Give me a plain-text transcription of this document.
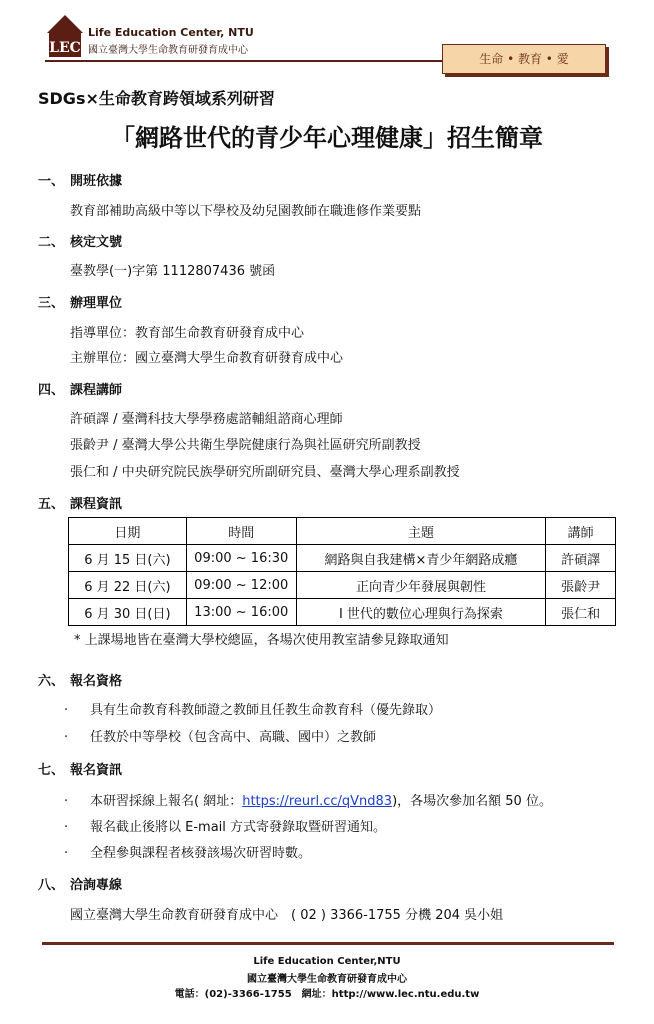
LEC
Life Education Center, NTU
國立臺灣大學生命教育研發育成中心
生命 • 教育 • 愛
SDGs×生命教育跨領域系列研習
「網路世代的青少年心理健康」招生簡章
一、 開班依據
教育部補助高級中等以下學校及幼兒園教師在職進修作業要點
二、 核定文號
臺教學(一)字第 1112807436 號函
三、 辦理單位
指導單位：教育部生命教育研發育成中心
主辦單位：國立臺灣大學生命教育研發育成中心
四、 課程講師
許碩譯 / 臺灣科技大學學務處諮輔組諮商心理師
張齡尹 / 臺灣大學公共衛生學院健康行為與社區研究所副教授
張仁和 / 中央研究院民族學研究所副研究員、臺灣大學心理系副教授
五、 課程資訊
日期	時間	主題	講師
6 月 15 日(六)	09:00 ~ 16:30	網路與自我建構×青少年網路成癮	許碩譯
6 月 22 日(六)	09:00 ~ 12:00	正向青少年發展與韌性	張齡尹
6 月 30 日(日)	13:00 ~ 16:00	I 世代的數位心理與行為探索	張仁和
* 上課場地皆在臺灣大學校總區，各場次使用教室請參見錄取通知
六、 報名資格
· 具有生命教育科教師證之教師且任教生命教育科（優先錄取）
· 任教於中等學校（包含高中、高職、國中）之教師
七、 報名資訊
· 本研習採線上報名( 網址：https://reurl.cc/qVnd83)，各場次參加名額 50 位。
· 報名截止後將以 E-mail 方式寄發錄取暨研習通知。
· 全程參與課程者核發該場次研習時數。
八、 洽詢專線
國立臺灣大學生命教育研發育成中心　( 02 ) 3366-1755 分機 204 吳小姐
Life Education Center,NTU
國立臺灣大學生命教育研發育成中心
電話：(02)-3366-1755　網址：http://www.lec.ntu.edu.tw
